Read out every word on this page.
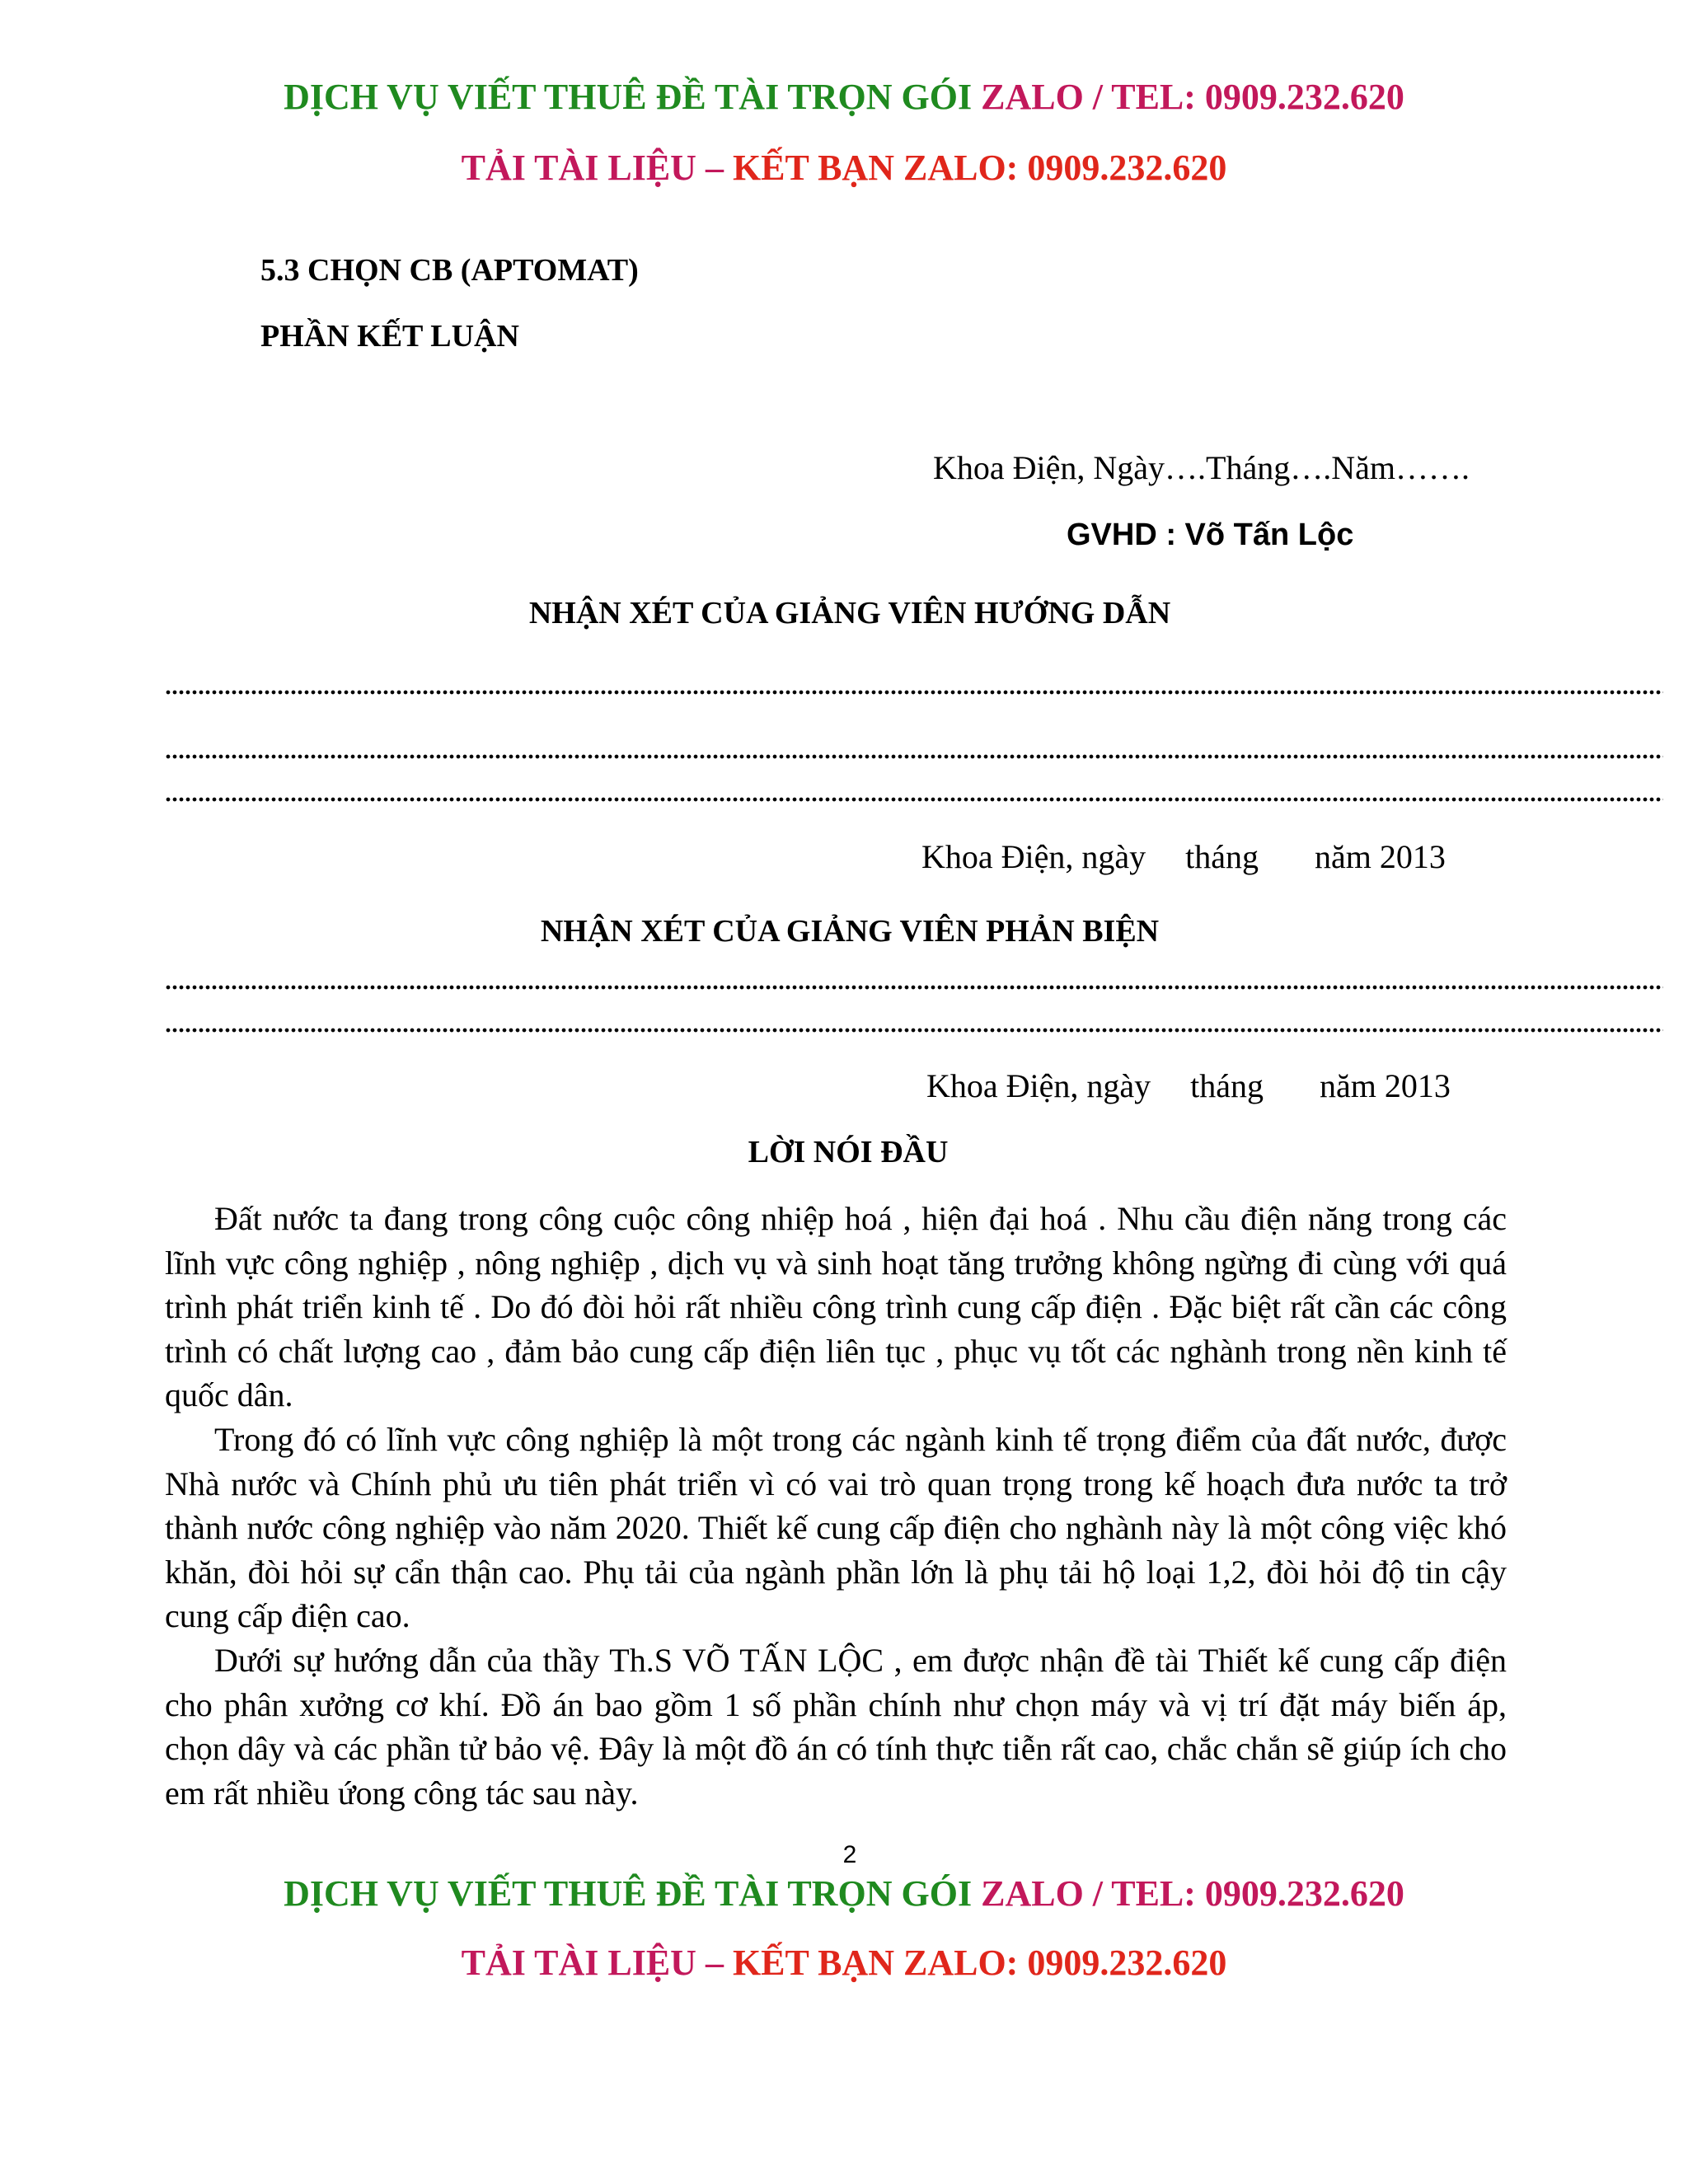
DỊCH VỤ VIẾT THUÊ ĐỀ TÀI TRỌN GÓI ZALO / TEL: 0909.232.620
TẢI TÀI LIỆU – KẾT BẠN ZALO: 0909.232.620
5.3 CHỌN CB (APTOMAT)
PHẦN KẾT LUẬN
Khoa Điện, Ngày….Tháng….Năm…….
GVHD : Võ Tấn Lộc
NHẬN XÉT CỦA GIẢNG VIÊN HƯỚNG DẪN
Khoa Điện, ngày tháng năm 2013
NHẬN XÉT CỦA GIẢNG VIÊN PHẢN BIỆN
Khoa Điện, ngày tháng năm 2013
LỜI NÓI ĐẦU

Đất nước ta đang trong công cuộc công nhiệp hoá , hiện đại hoá . Nhu cầu điện năng trong các lĩnh vực công nghiệp , nông nghiệp , dịch vụ và sinh hoạt tăng trưởng không ngừng đi cùng với quá trình phát triển kinh tế . Do đó đòi hỏi rất nhiều công trình cung cấp điện . Đặc biệt rất cần các công trình có chất lượng cao , đảm bảo cung cấp điện liên tục , phục vụ tốt các nghành trong nền kinh tế quốc dân.

Trong đó có lĩnh vực công nghiệp là một trong các ngành kinh tế trọng điểm của đất nước, được Nhà nước và Chính phủ ưu tiên phát triển vì có vai trò quan trọng trong kế hoạch đưa nước ta trở thành nước công nghiệp vào năm 2020. Thiết kế cung cấp điện cho nghành này là một công việc khó khăn, đòi hỏi sự cẩn thận cao. Phụ tải của ngành phần lớn là phụ tải hộ loại 1,2, đòi hỏi độ tin cậy cung cấp điện cao.

Dưới sự hướng dẫn của thầy Th.S VÕ TẤN LỘC , em được nhận đề tài Thiết kế cung cấp điện cho phân xưởng cơ khí. Đồ án bao gồm 1 số phần chính như chọn máy và vị trí đặt máy biến áp, chọn dây và các phần tử bảo vệ. Đây là một đồ án có tính thực tiễn rất cao, chắc chắn sẽ giúp ích cho em rất nhiều ứong công tác sau này.

2
DỊCH VỤ VIẾT THUÊ ĐỀ TÀI TRỌN GÓI ZALO / TEL: 0909.232.620
TẢI TÀI LIỆU – KẾT BẠN ZALO: 0909.232.620
